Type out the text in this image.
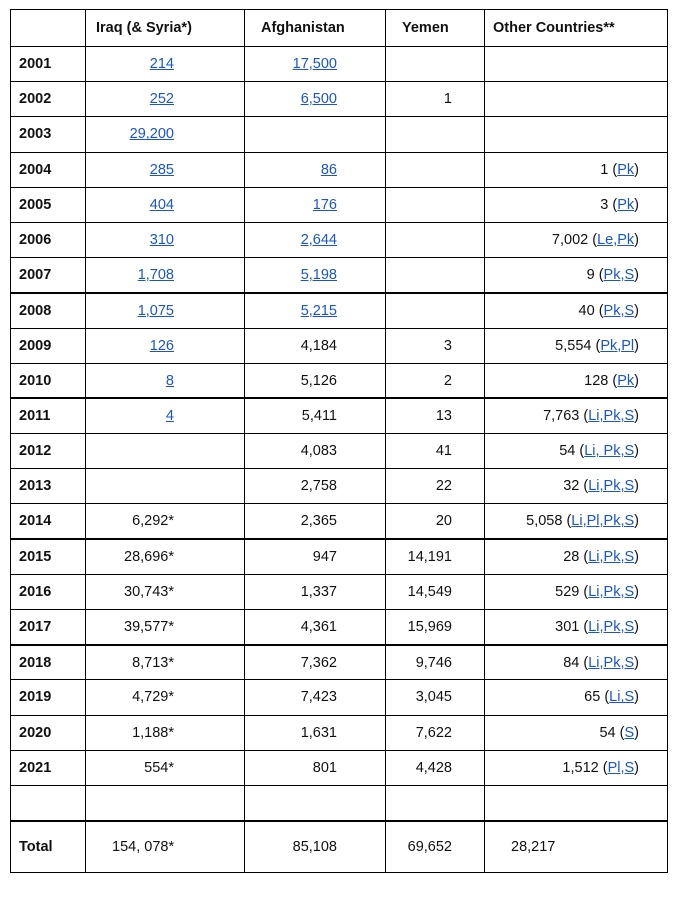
	Iraq (& Syria*)	Afghanistan	Yemen	Other Countries**
2001	214	17,500		
2002	252	6,500	1	
2003	29,200			
2004	285	86		1 (Pk)
2005	404	176		3 (Pk)
2006	310	2,644		7,002 (Le,Pk)
2007	1,708	5,198		9 (Pk,S)
2008	1,075	5,215		40 (Pk,S)
2009	126	4,184	3	5,554 (Pk,Pl)
2010	8	5,126	2	128 (Pk)
2011	4	5,411	13	7,763 (Li,Pk,S)
2012		4,083	41	54 (Li, Pk,S)
2013		2,758	22	32 (Li,Pk,S)
2014	6,292*	2,365	20	5,058 (Li,Pl,Pk,S)
2015	28,696*	947	14,191	28 (Li,Pk,S)
2016	30,743*	1,337	14,549	529 (Li,Pk,S)
2017	39,577*	4,361	15,969	301 (Li,Pk,S)
2018	8,713*	7,362	9,746	84 (Li,Pk,S)
2019	4,729*	7,423	3,045	65 (Li,S)
2020	1,188*	1,631	7,622	54 (S)
2021	554*	801	4,428	1,512 (Pl,S)

Total	154, 078*	85,108	69,652	28,217
